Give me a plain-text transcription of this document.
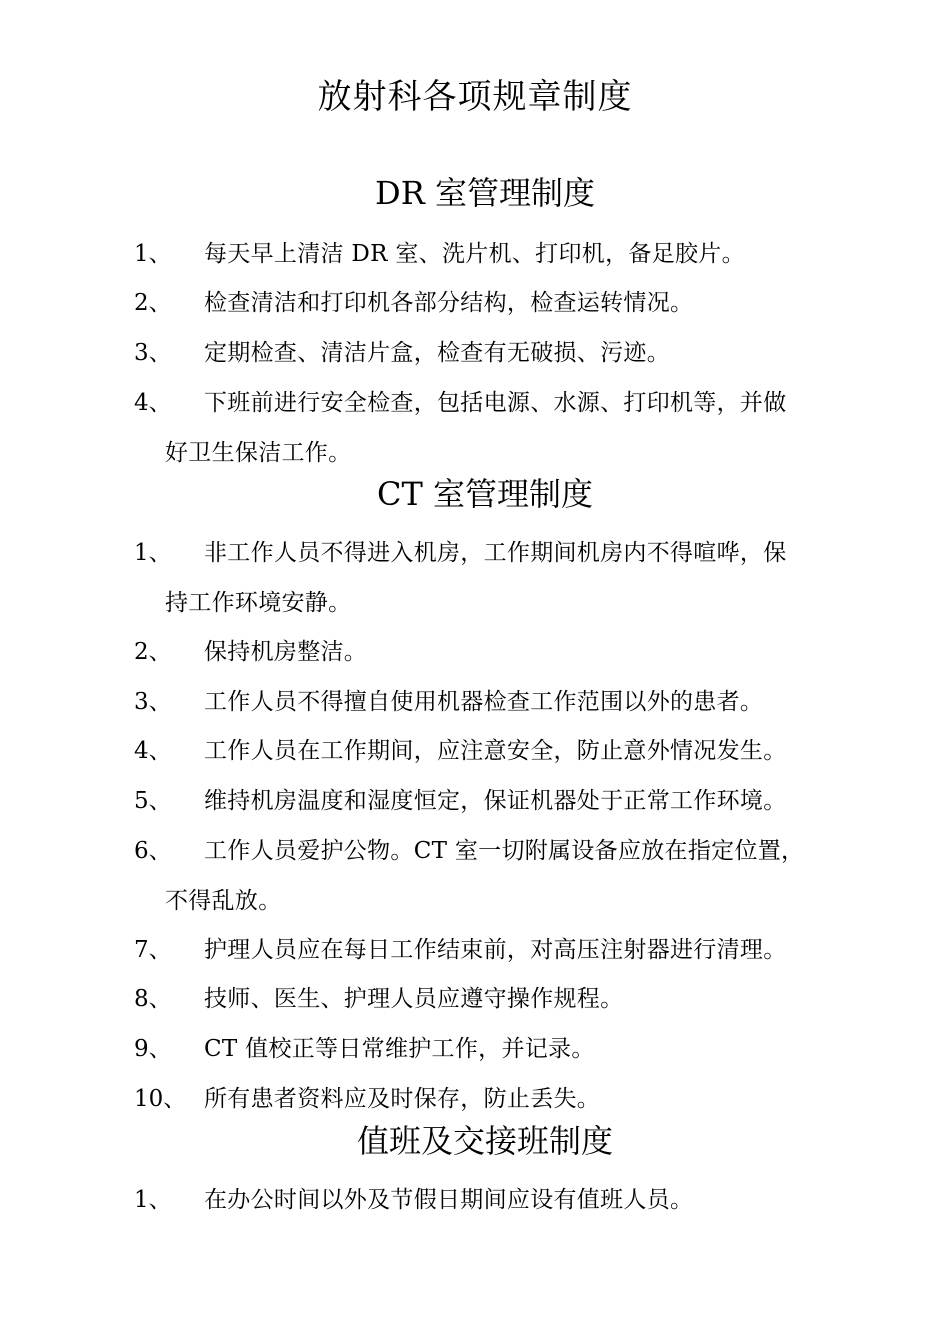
放射科各项规章制度
DR 室管理制度
1、 每天早上清洁 DR 室、洗片机、打印机，备足胶片。
2、 检查清洁和打印机各部分结构，检查运转情况。
3、 定期检查、清洁片盒，检查有无破损、污迹。
4、 下班前进行安全检查，包括电源、水源、打印机等，并做
好卫生保洁工作。
CT 室管理制度
1、 非工作人员不得进入机房，工作期间机房内不得喧哗，保
持工作环境安静。
2、 保持机房整洁。
3、 工作人员不得擅自使用机器检查工作范围以外的患者。
4、 工作人员在工作期间，应注意安全，防止意外情况发生。
5、 维持机房温度和湿度恒定，保证机器处于正常工作环境。
6、 工作人员爱护公物。CT 室一切附属设备应放在指定位置，
不得乱放。
7、 护理人员应在每日工作结束前，对高压注射器进行清理。
8、 技师、医生、护理人员应遵守操作规程。
9、 CT 值校正等日常维护工作，并记录。
10、 所有患者资料应及时保存，防止丢失。
值班及交接班制度
1、 在办公时间以外及节假日期间应设有值班人员。
